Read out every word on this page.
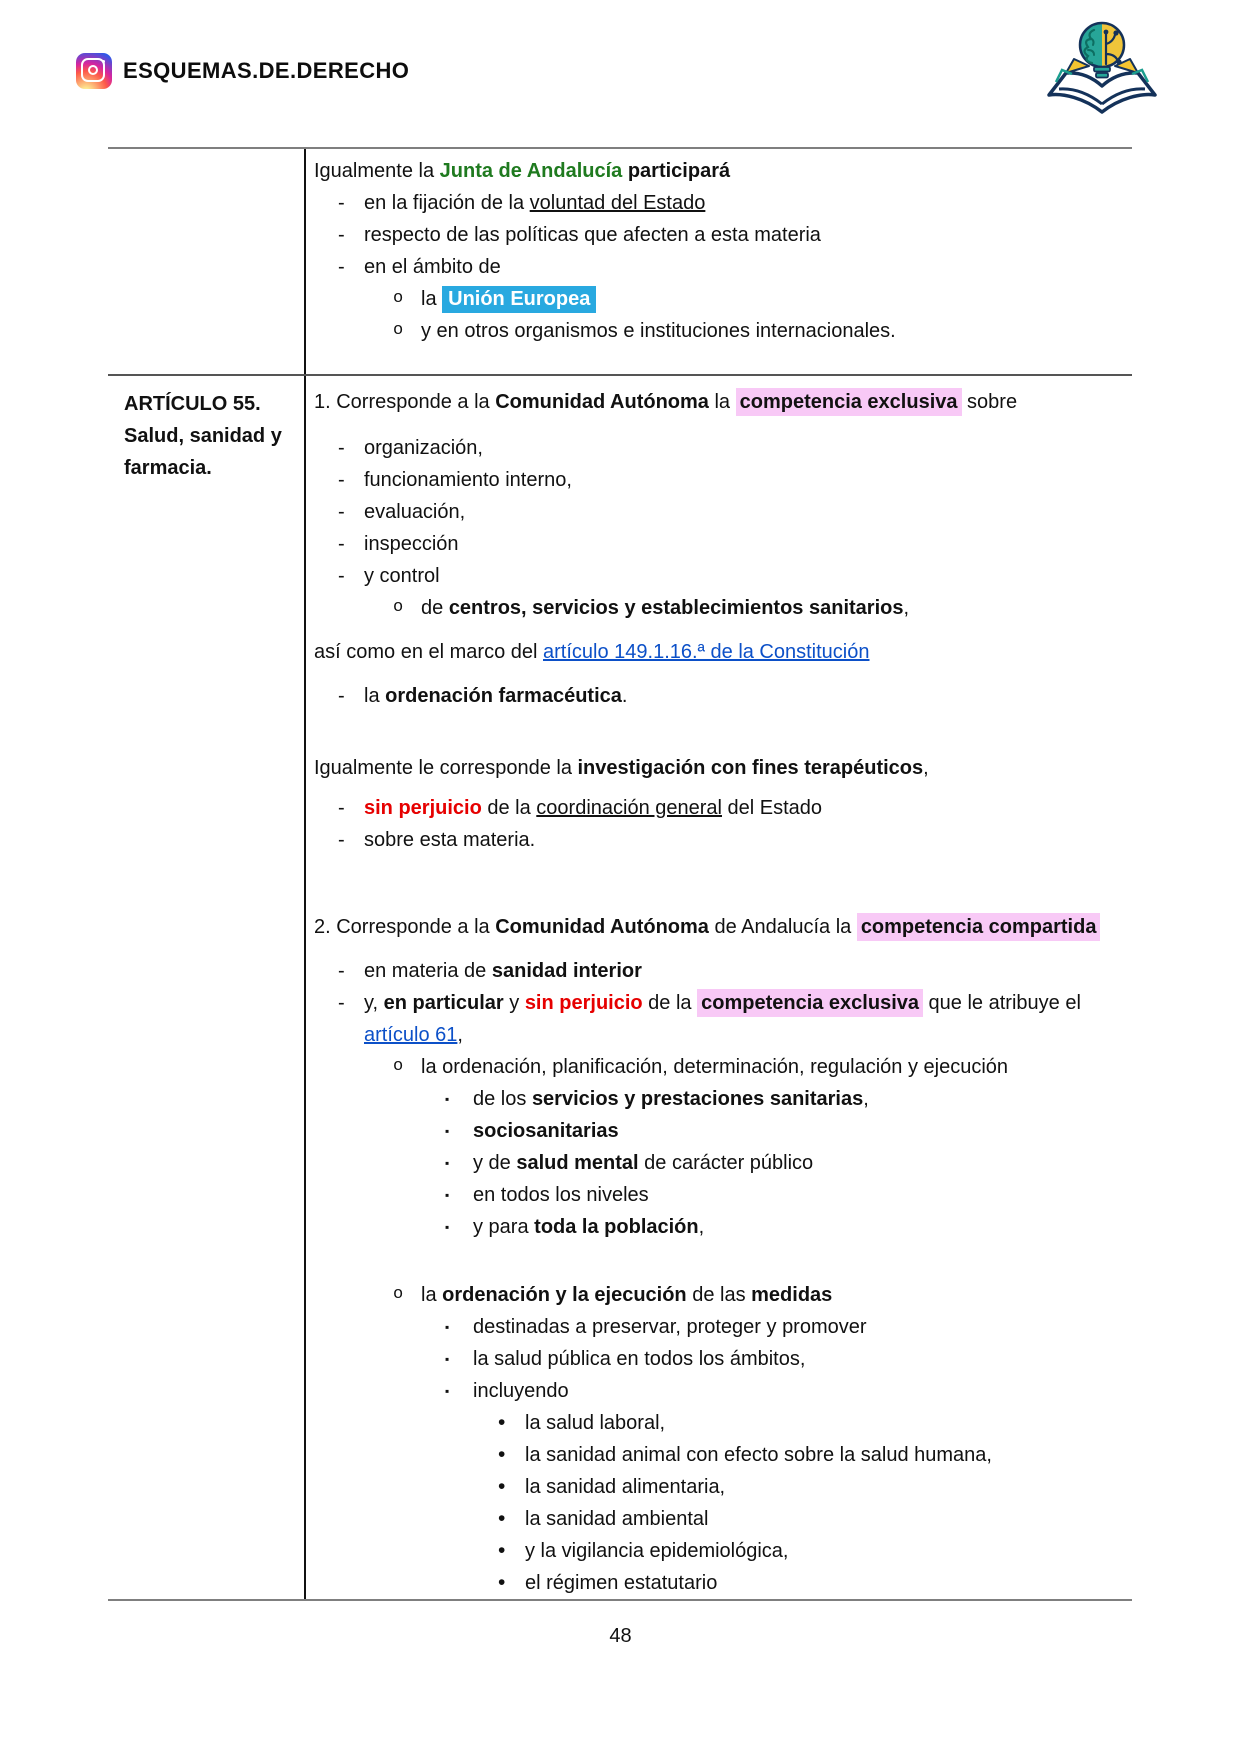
ESQUEMAS.DE.DERECHO
Igualmente la Junta de Andalucía participará
- en la fijación de la voluntad del Estado
- respecto de las políticas que afecten a esta materia
- en el ámbito de
o la Unión Europea
o y en otros organismos e instituciones internacionales.
ARTÍCULO 55.
Salud, sanidad y
farmacia.
1. Corresponde a la Comunidad Autónoma la competencia exclusiva sobre
- organización,
- funcionamiento interno,
- evaluación,
- inspección
- y control
o de centros, servicios y establecimientos sanitarios,
así como en el marco del artículo 149.1.16.ª de la Constitución
- la ordenación farmacéutica.
Igualmente le corresponde la investigación con fines terapéuticos,
- sin perjuicio de la coordinación general del Estado
- sobre esta materia.
2. Corresponde a la Comunidad Autónoma de Andalucía la competencia compartida
- en materia de sanidad interior
- y, en particular y sin perjuicio de la competencia exclusiva que le atribuye el
artículo 61,
o la ordenación, planificación, determinación, regulación y ejecución
▪	de los servicios y prestaciones sanitarias,
▪	sociosanitarias
▪	y de salud mental de carácter público
▪	en todos los niveles
▪	y para toda la población,
o la ordenación y la ejecución de las medidas
▪	destinadas a preservar, proteger y promover
▪	la salud pública en todos los ámbitos,
▪	incluyendo
• la salud laboral,
• la sanidad animal con efecto sobre la salud humana,
• la sanidad alimentaria,
• la sanidad ambiental
• y la vigilancia epidemiológica,
• el régimen estatutario
48
